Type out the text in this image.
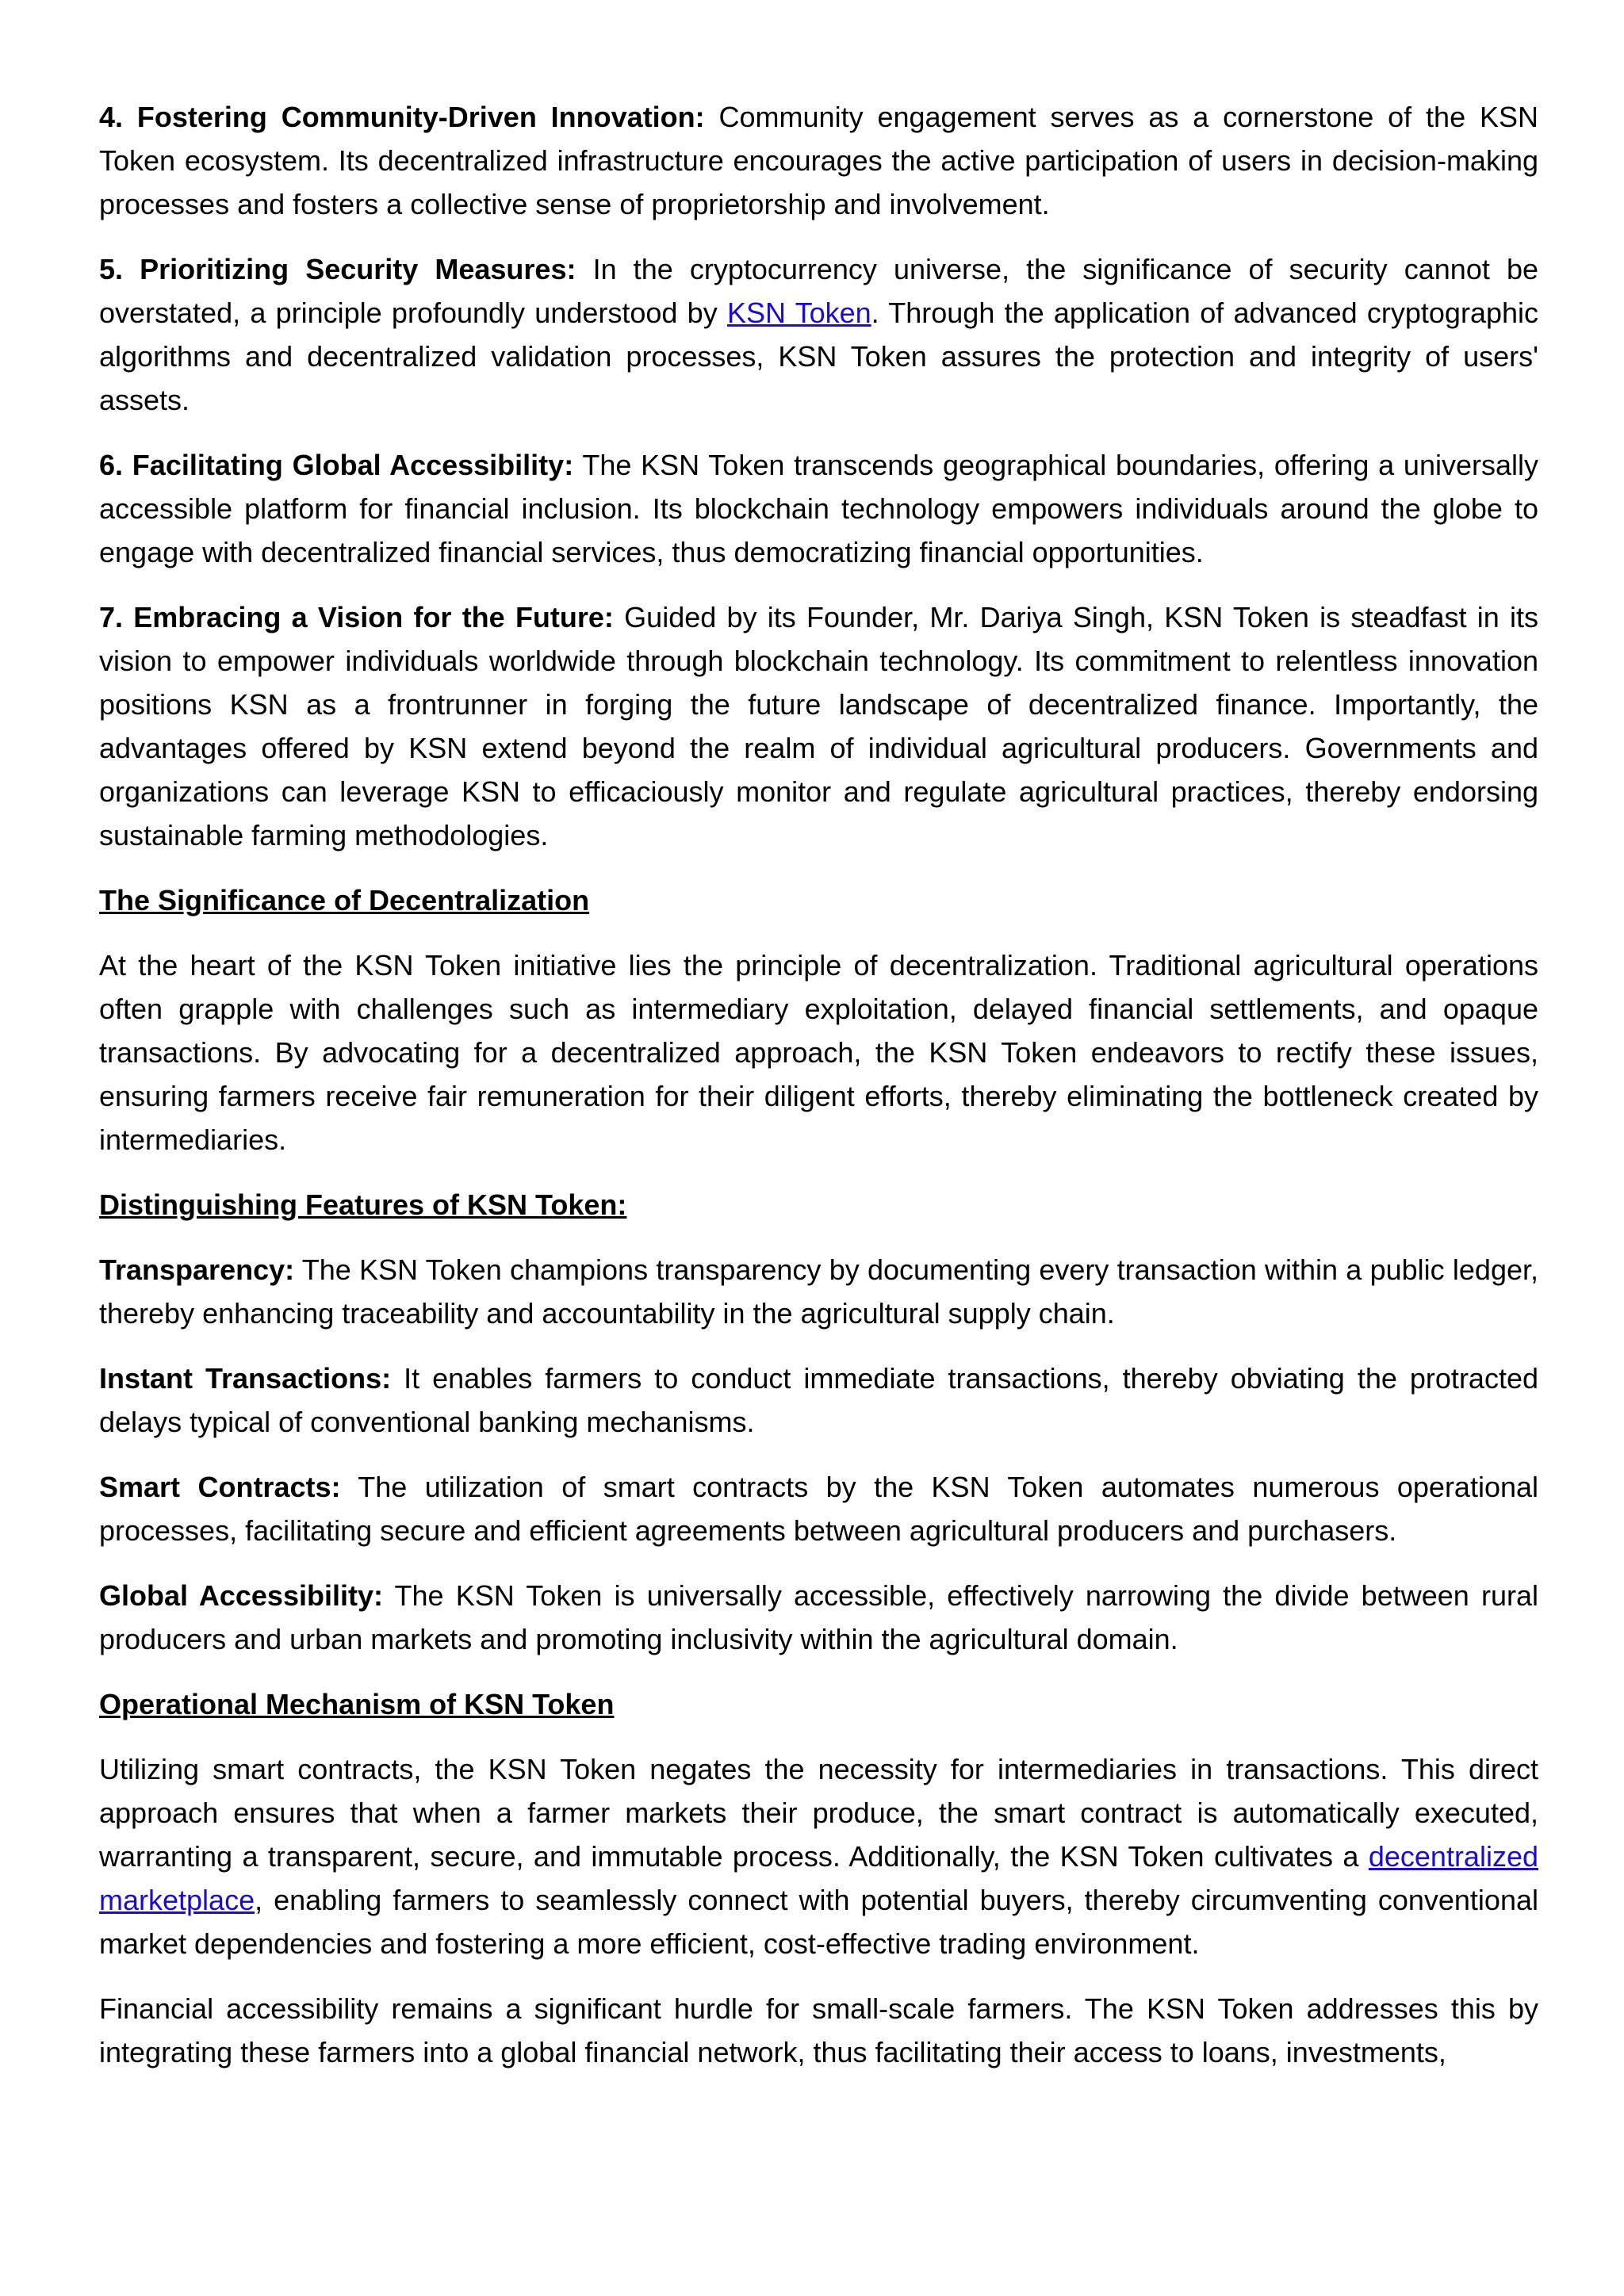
4. Fostering Community-Driven Innovation: Community engagement serves as a cornerstone of the KSN Token ecosystem. Its decentralized infrastructure encourages the active participation of users in decision-making processes and fosters a collective sense of proprietorship and involvement.

5. Prioritizing Security Measures: In the cryptocurrency universe, the significance of security cannot be overstated, a principle profoundly understood by KSN Token. Through the application of advanced cryptographic algorithms and decentralized validation processes, KSN Token assures the protection and integrity of users' assets.

6. Facilitating Global Accessibility: The KSN Token transcends geographical boundaries, offering a universally accessible platform for financial inclusion. Its blockchain technology empowers individuals around the globe to engage with decentralized financial services, thus democratizing financial opportunities.

7. Embracing a Vision for the Future: Guided by its Founder, Mr. Dariya Singh, KSN Token is steadfast in its vision to empower individuals worldwide through blockchain technology. Its commitment to relentless innovation positions KSN as a frontrunner in forging the future landscape of decentralized finance. Importantly, the advantages offered by KSN extend beyond the realm of individual agricultural producers. Governments and organizations can leverage KSN to efficaciously monitor and regulate agricultural practices, thereby endorsing sustainable farming methodologies.

The Significance of Decentralization

At the heart of the KSN Token initiative lies the principle of decentralization. Traditional agricultural operations often grapple with challenges such as intermediary exploitation, delayed financial settlements, and opaque transactions. By advocating for a decentralized approach, the KSN Token endeavors to rectify these issues, ensuring farmers receive fair remuneration for their diligent efforts, thereby eliminating the bottleneck created by intermediaries.

Distinguishing Features of KSN Token:

Transparency: The KSN Token champions transparency by documenting every transaction within a public ledger, thereby enhancing traceability and accountability in the agricultural supply chain.

Instant Transactions: It enables farmers to conduct immediate transactions, thereby obviating the protracted delays typical of conventional banking mechanisms.

Smart Contracts: The utilization of smart contracts by the KSN Token automates numerous operational processes, facilitating secure and efficient agreements between agricultural producers and purchasers.

Global Accessibility: The KSN Token is universally accessible, effectively narrowing the divide between rural producers and urban markets and promoting inclusivity within the agricultural domain.

Operational Mechanism of KSN Token

Utilizing smart contracts, the KSN Token negates the necessity for intermediaries in transactions. This direct approach ensures that when a farmer markets their produce, the smart contract is automatically executed, warranting a transparent, secure, and immutable process. Additionally, the KSN Token cultivates a decentralized marketplace, enabling farmers to seamlessly connect with potential buyers, thereby circumventing conventional market dependencies and fostering a more efficient, cost-effective trading environment.

Financial accessibility remains a significant hurdle for small-scale farmers. The KSN Token addresses this by integrating these farmers into a global financial network, thus facilitating their access to loans, investments,
